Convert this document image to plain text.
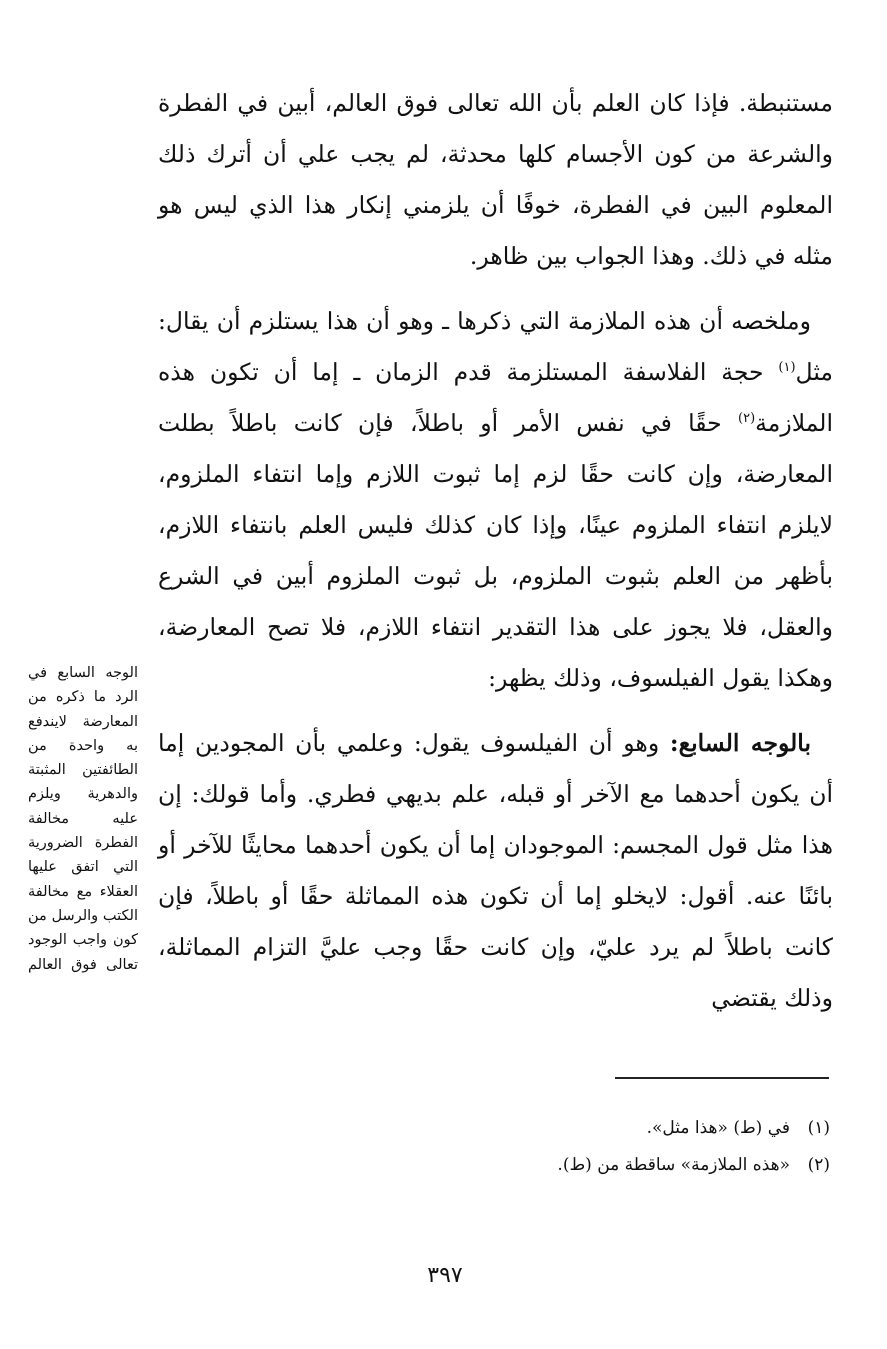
مستنبطة. فإذا كان العلم بأن الله تعالى فوق العالم، أبين في الفطرة والشرعة من كون الأجسام كلها محدثة، لم يجب علي أن أترك ذلك المعلوم البين في الفطرة، خوفًا أن يلزمني إنكار هذا الذي ليس هو مثله في ذلك. وهذا الجواب بين ظاهر.

وملخصه أن هذه الملازمة التي ذكرها ـ وهو أن هذا يستلزم أن يقال: مثل$^{(١)}$ حجة الفلاسفة المستلزمة قدم الزمان ـ إما أن تكون هذه الملازمة$^{(٢)}$ حقًا في نفس الأمر أو باطلاً، فإن كانت باطلاً بطلت المعارضة، وإن كانت حقًا لزم إما ثبوت اللازم وإما انتفاء الملزوم، لايلزم انتفاء الملزوم عينًا، وإذا كان كذلك فليس العلم بانتفاء اللازم، بأظهر من العلم بثبوت الملزوم، بل ثبوت الملزوم أبين في الشرع والعقل، فلا يجوز على هذا التقدير انتفاء اللازم، فلا تصح المعارضة، وهكذا يقول الفيلسوف، وذلك يظهر:

بالوجه السابع: وهو أن الفيلسوف يقول: وعلمي بأن المجودين إما أن يكون أحدهما مع الآخر أو قبله، علم بديهي فطري. وأما قولك: إن هذا مثل قول المجسم: الموجودان إما أن يكون أحدهما محايثًا للآخر أو بائنًا عنه. أقول: لايخلو إما أن تكون هذه المماثلة حقًا أو باطلاً، فإن كانت باطلاً لم يرد عليّ، وإن كانت حقًا وجب عليَّ التزام المماثلة، وذلك يقتضي

الوجه السابع في الرد ما ذكره من المعارضة لايندفع به واحدة من الطائفتين المثبتة والدهرية ويلزم عليه مخالفة الفطرة الضرورية التي اتفق عليها العقلاء مع مخالفة الكتب والرسل من كون واجب الوجود تعالى فوق العالم
(١)في (ط) «هذا مثل».
(٢)«هذه الملازمة» ساقطة من (ط).
٣٩٧
